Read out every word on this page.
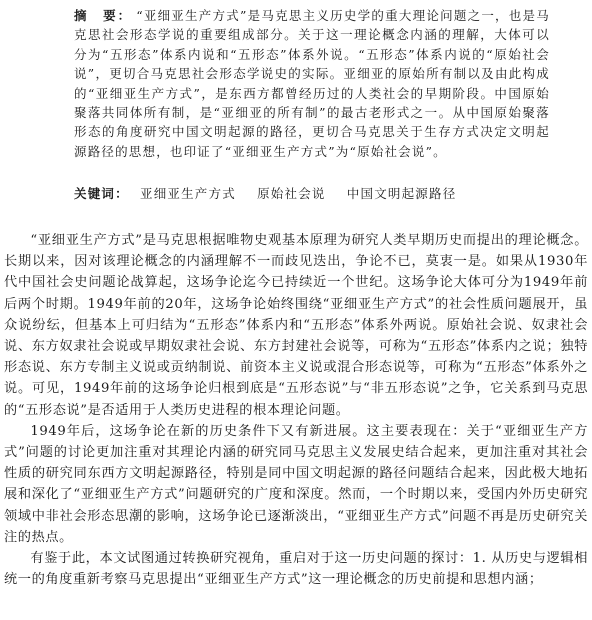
摘　要： “亚细亚生产方式”是马克思主义历史学的重大理论问题之一，也是马克思社会形态学说的重要组成部分。关于这一理论概念内涵的理解，大体可以分为“五形态”体系内说和“五形态”体系外说。“五形态”体系内说的“原始社会说”，更切合马克思社会形态学说史的实际。亚细亚的原始所有制以及由此构成的“亚细亚生产方式”，是东西方都曾经历过的人类社会的早期阶段。中国原始聚落共同体所有制，是“亚细亚的所有制”的最古老形式之一。从中国原始聚落形态的角度研究中国文明起源的路径，更切合马克思关于生存方式决定文明起源路径的思想，也印证了“亚细亚生产方式”为“原始社会说”。
关键词： 亚细亚生产方式 原始社会说 中国文明起源路径

“亚细亚生产方式”是马克思根据唯物史观基本原理为研究人类早期历史而提出的理论概念。长期以来，因对该理论概念的内涵理解不一而歧见迭出，争论不已，莫衷一是。如果从1930年代中国社会史问题论战算起，这场争论迄今已持续近一个世纪。这场争论大体可分为1949年前后两个时期。1949年前的20年，这场争论始终围绕“亚细亚生产方式”的社会性质问题展开，虽众说纷纭，但基本上可归结为“五形态”体系内和“五形态”体系外两说。原始社会说、奴隶社会说、东方奴隶社会说或早期奴隶社会说、东方封建社会说等，可称为“五形态”体系内之说；独特形态说、东方专制主义说或贡纳制说、前资本主义说或混合形态说等，可称为“五形态”体系外之说。可见，1949年前的这场争论归根到底是“五形态说”与“非五形态说”之争，它关系到马克思的“五形态说”是否适用于人类历史进程的根本理论问题。

1949年后，这场争论在新的历史条件下又有新进展。这主要表现在：关于“亚细亚生产方式”问题的讨论更加注重对其理论内涵的研究同马克思主义发展史结合起来，更加注重对其社会性质的研究同东西方文明起源路径，特别是同中国文明起源的路径问题结合起来，因此极大地拓展和深化了“亚细亚生产方式”问题研究的广度和深度。然而，一个时期以来，受国内外历史研究领域中非社会形态思潮的影响，这场争论已逐渐淡出，“亚细亚生产方式”问题不再是历史研究关注的热点。

有鉴于此，本文试图通过转换研究视角，重启对于这一历史问题的探讨：1. 从历史与逻辑相统一的角度重新考察马克思提出“亚细亚生产方式”这一理论概念的历史前提和思想内涵；
